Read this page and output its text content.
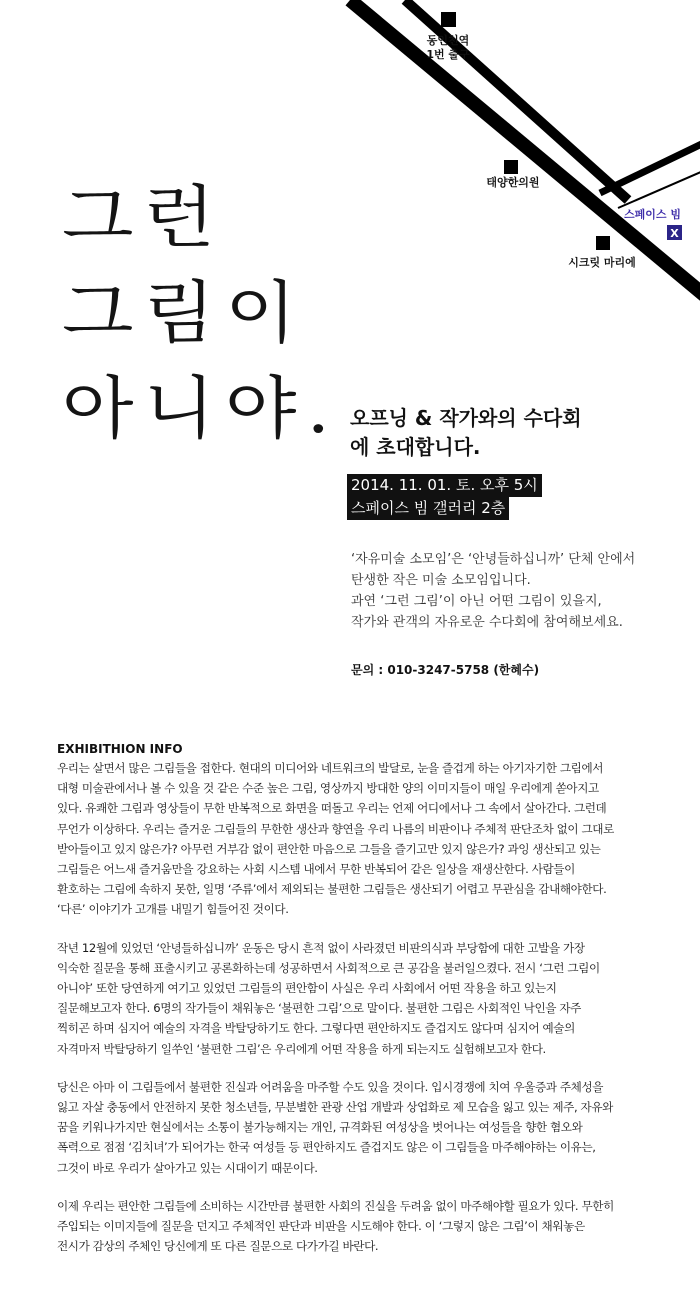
X
동인천역
1번 출구
태양한의원
스페이스 빔
시크릿 마리에
그런
그림이
아니야. 오프닝 & 작가와의 수다회
에 초대합니다.
2014. 11. 01. 토. 오후 5시
스페이스 빔 갤러리 2층

‘자유미술 소모임’은 ‘안녕들하십니까’ 단체 안에서

탄생한 작은 미술 소모임입니다.

과연 ‘그런 그림’이 아닌 어떤 그림이 있을지,

작가와 관객의 자유로운 수다회에 참여해보세요.

문의 : 010-3247-5758 (한혜수)
EXHIBITHION INFO
우리는 살면서 많은 그림들을 접한다. 현대의 미디어와 네트워크의 발달로, 눈을 즐겁게 하는 아기자기한 그림에서
대형 미술관에서나 볼 수 있을 것 같은 수준 높은 그림, 영상까지 방대한 양의 이미지들이 매일 우리에게 쏟아지고
있다. 유쾌한 그림과 영상들이 무한 반복적으로 화면을 떠돌고 우리는 언제 어디에서나 그 속에서 살아간다. 그런데
무언가 이상하다. 우리는 즐거운 그림들의 무한한 생산과 향연을 우리 나름의 비판이나 주체적 판단조차 없이 그대로
받아들이고 있지 않은가? 아무런 거부감 없이 편안한 마음으로 그들을 즐기고만 있지 않은가? 과잉 생산되고 있는
그림들은 어느새 즐거움만을 강요하는 사회 시스템 내에서 무한 반복되어 같은 일상을 재생산한다. 사람들이
환호하는 그림에 속하지 못한, 일명 ‘주류’에서 제외되는 불편한 그림들은 생산되기 어렵고 무관심을 감내해야한다.
‘다른’ 이야기가 고개를 내밀기 힘들어진 것이다.
작년 12월에 있었던 ‘안녕들하십니까’ 운동은 당시 흔적 없이 사라졌던 비판의식과 부당함에 대한 고발을 가장
익숙한 질문을 통해 표출시키고 공론화하는데 성공하면서 사회적으로 큰 공감을 불러일으켰다. 전시 ‘그런 그림이
아니야’ 또한 당연하게 여기고 있었던 그림들의 편안함이 사실은 우리 사회에서 어떤 작용을 하고 있는지
질문해보고자 한다. 6명의 작가들이 채워놓은 ‘불편한 그림’으로 말이다. 불편한 그림은 사회적인 낙인을 자주
찍히곤 하며 심지어 예술의 자격을 박탈당하기도 한다. 그렇다면 편안하지도 즐겁지도 않다며 심지어 예술의
자격마저 박탈당하기 일쑤인 ‘불편한 그림’은 우리에게 어떤 작용을 하게 되는지도 실험해보고자 한다.
당신은 아마 이 그림들에서 불편한 진실과 어려움을 마주할 수도 있을 것이다. 입시경쟁에 치여 우울증과 주체성을
잃고 자살 충동에서 안전하지 못한 청소년들, 무분별한 관광 산업 개발과 상업화로 제 모습을 잃고 있는 제주, 자유와
꿈을 키워나가지만 현실에서는 소통이 불가능해지는 개인, 규격화된 여성상을 벗어나는 여성들을 향한 혐오와
폭력으로 점점 ‘김치녀’가 되어가는 한국 여성들 등 편안하지도 즐겁지도 않은 이 그림들을 마주해야하는 이유는,
그것이 바로 우리가 살아가고 있는 시대이기 때문이다.
이제 우리는 편안한 그림들에 소비하는 시간만큼 불편한 사회의 진실을 두려움 없이 마주해야할 필요가 있다. 무한히
주입되는 이미지들에 질문을 던지고 주체적인 판단과 비판을 시도해야 한다. 이 ‘그렇지 않은 그림’이 채워놓은
전시가 감상의 주체인 당신에게 또 다른 질문으로 다가가길 바란다.
